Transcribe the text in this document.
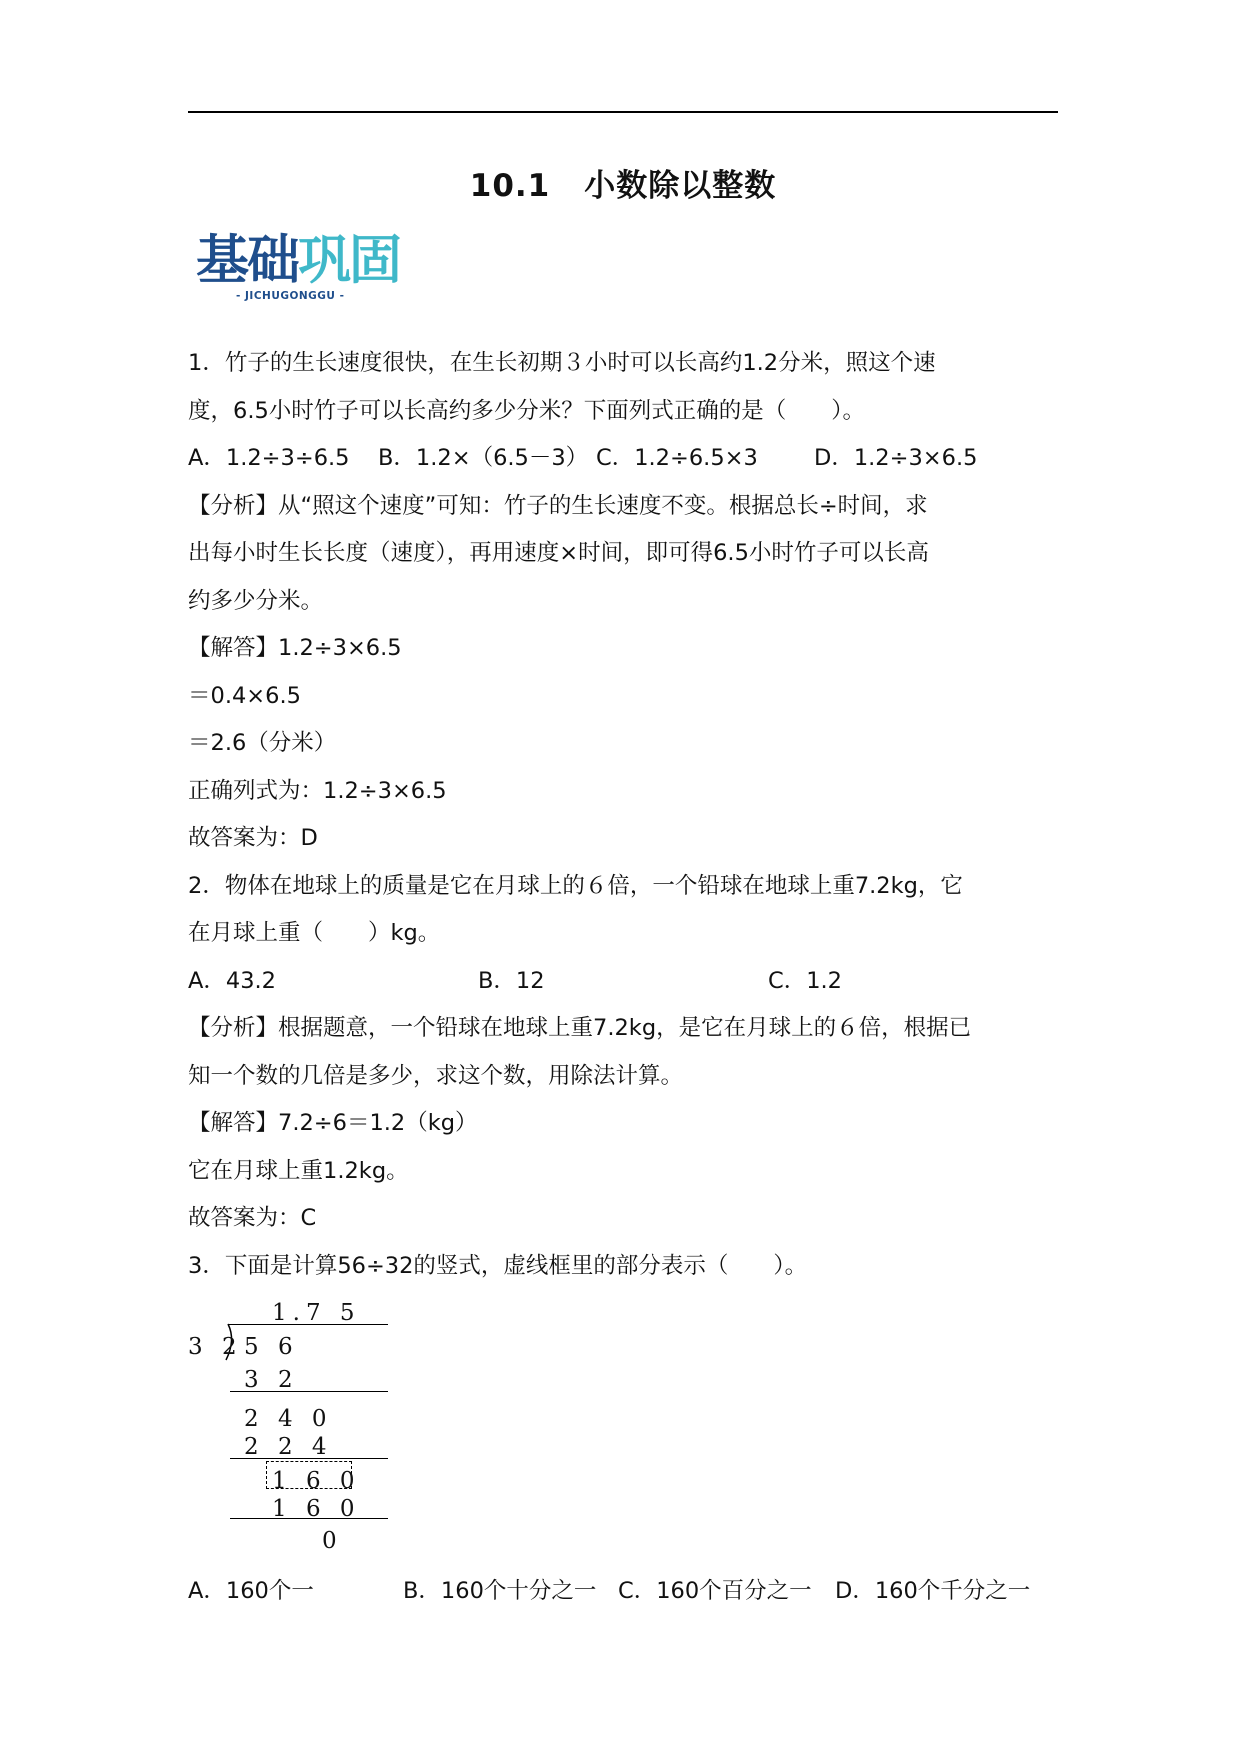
10.1 小数除以整数
基础巩固
- JICHUGONGGU -
1．竹子的生长速度很快，在生长初期３小时可以长高约1.2分米，照这个速
度，6.5小时竹子可以长高约多少分米？下面列式正确的是（　　）。
A．1.2÷3÷6.5	B．1.2×（6.5－3） C．1.2÷6.5×3	D．1.2÷3×6.5
【分析】从“照这个速度”可知：竹子的生长速度不变。根据总长÷时间，求
出每小时生长长度（速度），再用速度×时间，即可得6.5小时竹子可以长高
约多少分米。
【解答】1.2÷3×6.5
＝0.4×6.5
＝2.6（分米）
正确列式为：1.2÷3×6.5
故答案为：D
2．物体在地球上的质量是它在月球上的６倍，一个铅球在地球上重7.2kg，它
在月球上重（　　）kg。
A．43.2	B．12	C．1.2
【分析】根据题意，一个铅球在地球上重7.2kg，是它在月球上的６倍，根据已
知一个数的几倍是多少，求这个数，用除法计算。
【解答】7.2÷6＝1.2（kg）
它在月球上重1.2kg。
故答案为：C
3．下面是计算56÷32的竖式，虚线框里的部分表示（　　）。
1.7 5
3 2 5 6
3 2
2 4 0
2 2 4
1 6 0
1 6 0
0
A．160个一	B．160个十分之一 C．160个百分之一	D．160个千分之一
